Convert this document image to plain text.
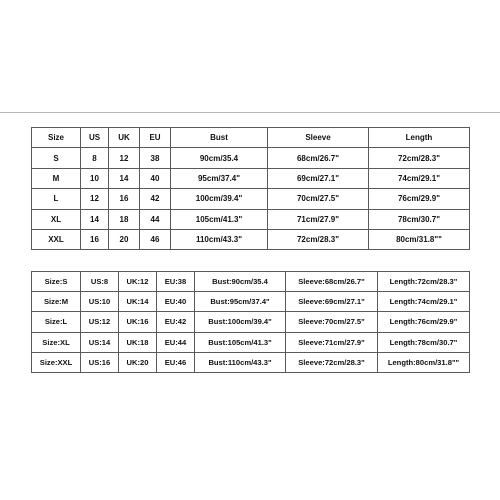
Size	US	UK	EU	Bust	Sleeve	Length
S	8	12	38	90cm/35.4	68cm/26.7"	72cm/28.3"
M	10	14	40	95cm/37.4"	69cm/27.1"	74cm/29.1"
L	12	16	42	100cm/39.4"	70cm/27.5"	76cm/29.9"
XL	14	18	44	105cm/41.3"	71cm/27.9"	78cm/30.7"
XXL	16	20	46	110cm/43.3"	72cm/28.3"	80cm/31.8""
Size:S	US:8	UK:12	EU:38	Bust:90cm/35.4	Sleeve:68cm/26.7"	Length:72cm/28.3"
Size:M	US:10	UK:14	EU:40	Bust:95cm/37.4"	Sleeve:69cm/27.1"	Length:74cm/29.1"
Size:L	US:12	UK:16	EU:42	Bust:100cm/39.4"	Sleeve:70cm/27.5"	Length:76cm/29.9"
Size:XL	US:14	UK:18	EU:44	Bust:105cm/41.3"	Sleeve:71cm/27.9"	Length:78cm/30.7"
Size:XXL	US:16	UK:20	EU:46	Bust:110cm/43.3"	Sleeve:72cm/28.3"	Length:80cm/31.8""
